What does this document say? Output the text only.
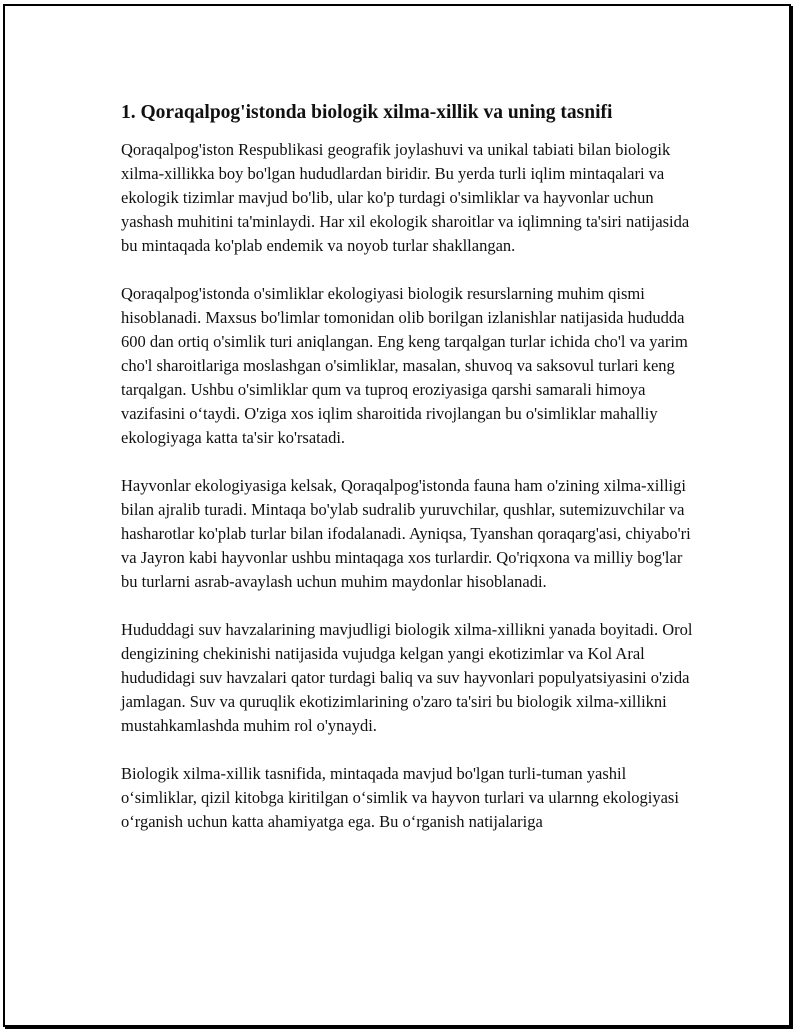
1. Qoraqalpog'istonda biologik xilma-xillik va uning tasnifi

Qoraqalpog'iston Respublikasi geografik joylashuvi va unikal tabiati bilan biologik xilma-xillikka boy bo'lgan hududlardan biridir. Bu yerda turli iqlim mintaqalari va ekologik tizimlar mavjud bo'lib, ular ko'p turdagi o'simliklar va hayvonlar uchun yashash muhitini ta'minlaydi. Har xil ekologik sharoitlar va iqlimning ta'siri natijasida bu mintaqada ko'plab endemik va noyob turlar shakllangan.

Qoraqalpog'istonda o'simliklar ekologiyasi biologik resurslarning muhim qismi hisoblanadi. Maxsus bo'limlar tomonidan olib borilgan izlanishlar natijasida hududda 600 dan ortiq o'simlik turi aniqlangan. Eng keng tarqalgan turlar ichida cho'l va yarim cho'l sharoitlariga moslashgan o'simliklar, masalan, shuvoq va saksovul turlari keng tarqalgan. Ushbu o'simliklar qum va tuproq eroziyasiga qarshi samarali himoya vazifasini o‘taydi. O'ziga xos iqlim sharoitida rivojlangan bu o'simliklar mahalliy ekologiyaga katta ta'sir ko'rsatadi.

Hayvonlar ekologiyasiga kelsak, Qoraqalpog'istonda fauna ham o'zining xilma-xilligi bilan ajralib turadi. Mintaqa bo'ylab sudralib yuruvchilar, qushlar, sutemizuvchilar va hasharotlar ko'plab turlar bilan ifodalanadi. Ayniqsa, Tyanshan qoraqarg'asi, chiyabo'ri va Jayron kabi hayvonlar ushbu mintaqaga xos turlardir. Qo'riqxona va milliy bog'lar bu turlarni asrab-avaylash uchun muhim maydonlar hisoblanadi.

Hududdagi suv havzalarining mavjudligi biologik xilma-xillikni yanada boyitadi. Orol dengizining chekinishi natijasida vujudga kelgan yangi ekotizimlar va Kol Aral hududidagi suv havzalari qator turdagi baliq va suv hayvonlari populyatsiyasini o'zida jamlagan. Suv va quruqlik ekotizimlarining o'zaro ta'siri bu biologik xilma-xillikni mustahkamlashda muhim rol o'ynaydi.

Biologik xilma-xillik tasnifida, mintaqada mavjud bo'lgan turli-tuman yashil o‘simliklar, qizil kitobga kiritilgan o‘simlik va hayvon turlari va ularnng ekologiyasi o‘rganish uchun katta ahamiyatga ega. Bu o‘rganish natijalariga
